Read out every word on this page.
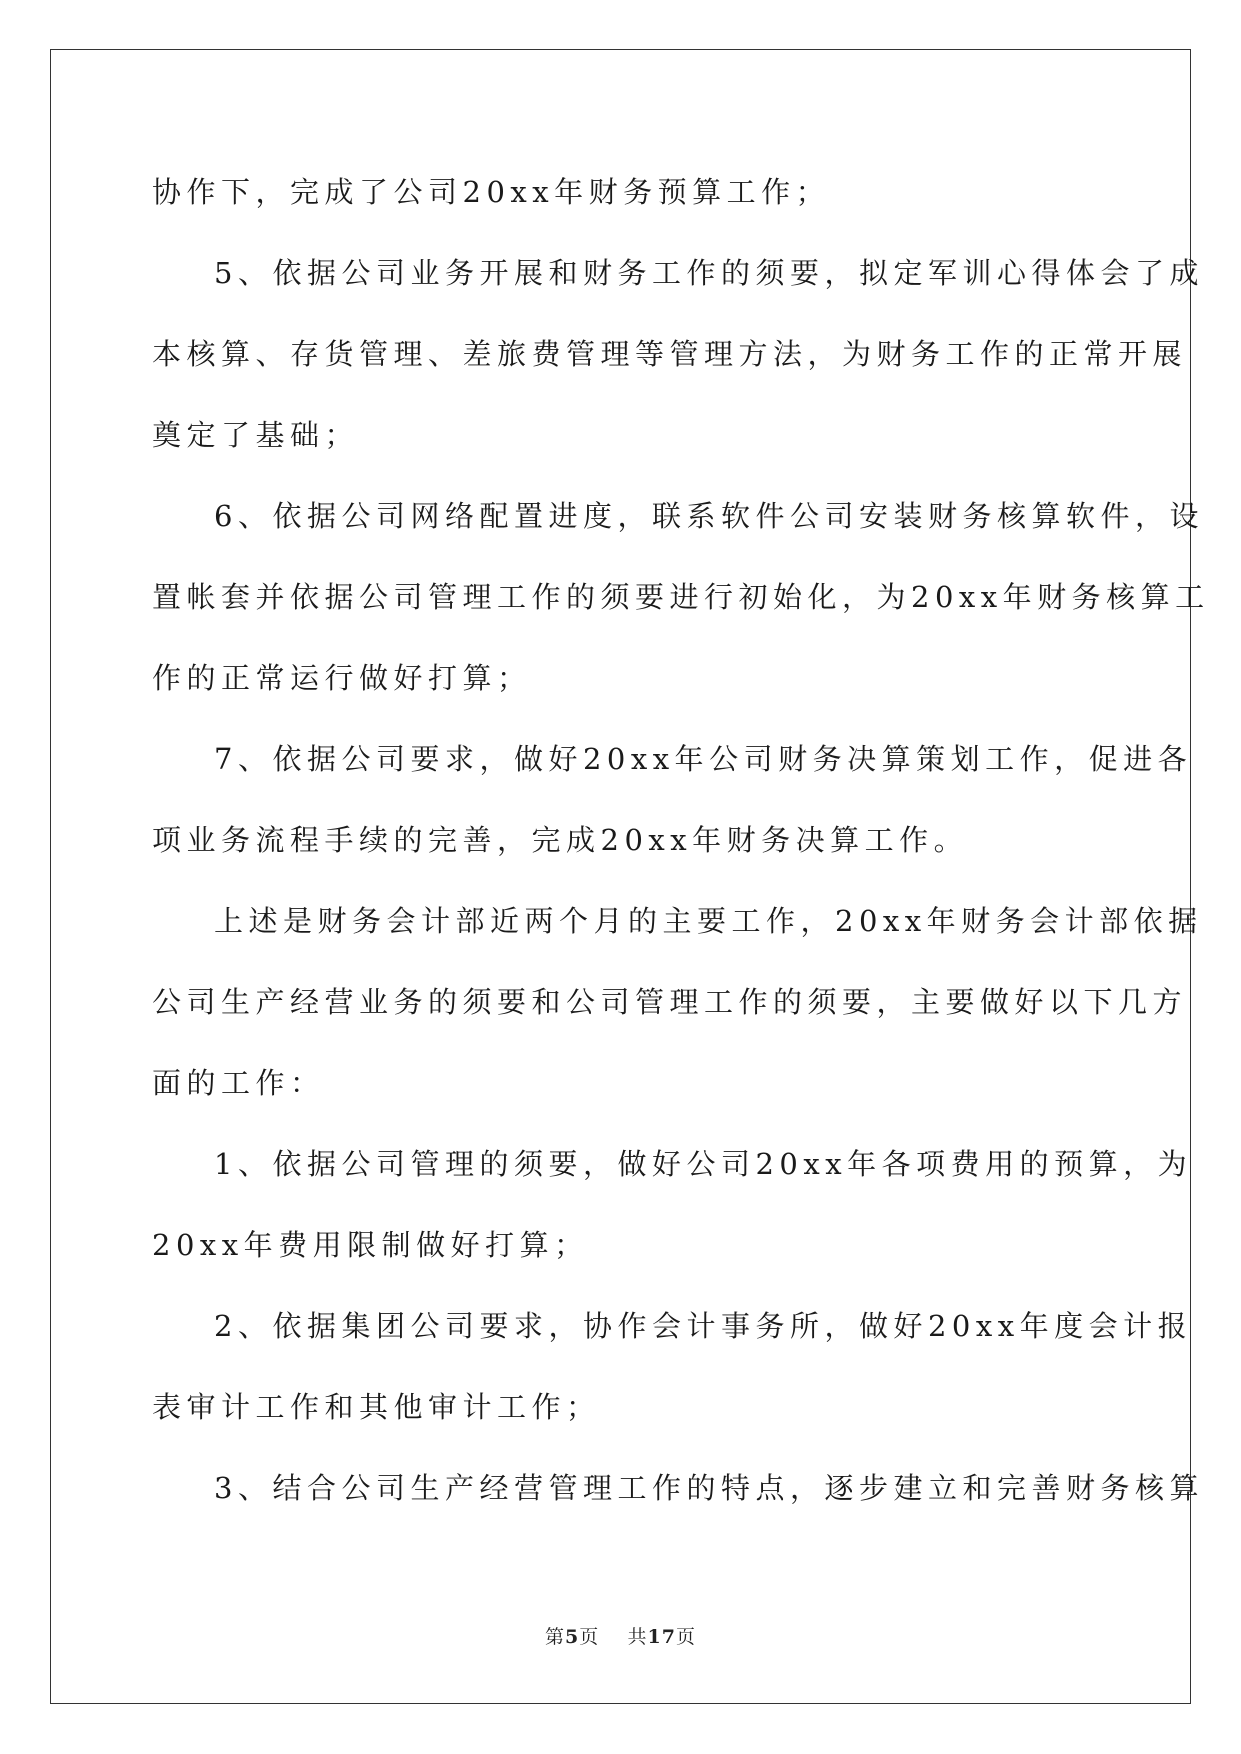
协作下，完成了公司20xx年财务预算工作；
5、依据公司业务开展和财务工作的须要，拟定军训心得体会了成
本核算、存货管理、差旅费管理等管理方法，为财务工作的正常开展
奠定了基础；
6、依据公司网络配置进度，联系软件公司安装财务核算软件，设
置帐套并依据公司管理工作的须要进行初始化，为20xx年财务核算工
作的正常运行做好打算；
7、依据公司要求，做好20xx年公司财务决算策划工作，促进各
项业务流程手续的完善，完成20xx年财务决算工作。
上述是财务会计部近两个月的主要工作，20xx年财务会计部依据
公司生产经营业务的须要和公司管理工作的须要，主要做好以下几方
面的工作：
1、依据公司管理的须要，做好公司20xx年各项费用的预算，为
20xx年费用限制做好打算；
2、依据集团公司要求，协作会计事务所，做好20xx年度会计报
表审计工作和其他审计工作；
3、结合公司生产经营管理工作的特点，逐步建立和完善财务核算
第5页 共17页
